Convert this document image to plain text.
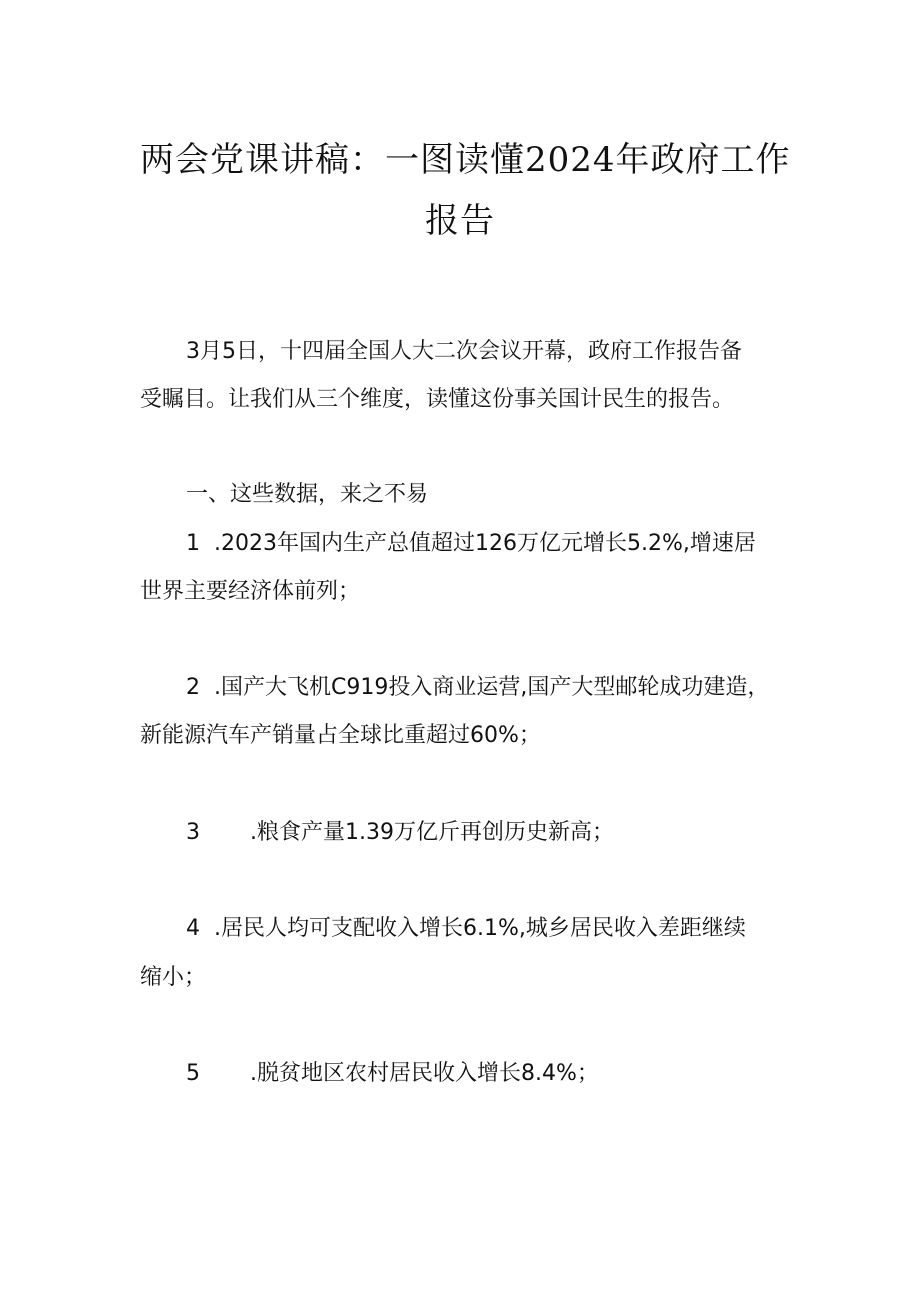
两会党课讲稿：一图读懂2024年政府工作
报告
3月5日，十四届全国人大二次会议开幕，政府工作报告备
受瞩目。让我们从三个维度，读懂这份事关国计民生的报告。
一、这些数据，来之不易
1 .2023年国内生产总值超过126万亿元增长5.2%,增速居
世界主要经济体前列；
2 .国产大飞机C919投入商业运营,国产大型邮轮成功建造，
新能源汽车产销量占全球比重超过60%；
3 .粮食产量1.39万亿斤再创历史新高；
4 .居民人均可支配收入增长6.1%,城乡居民收入差距继续
缩小；
5 .脱贫地区农村居民收入增长8.4%；
